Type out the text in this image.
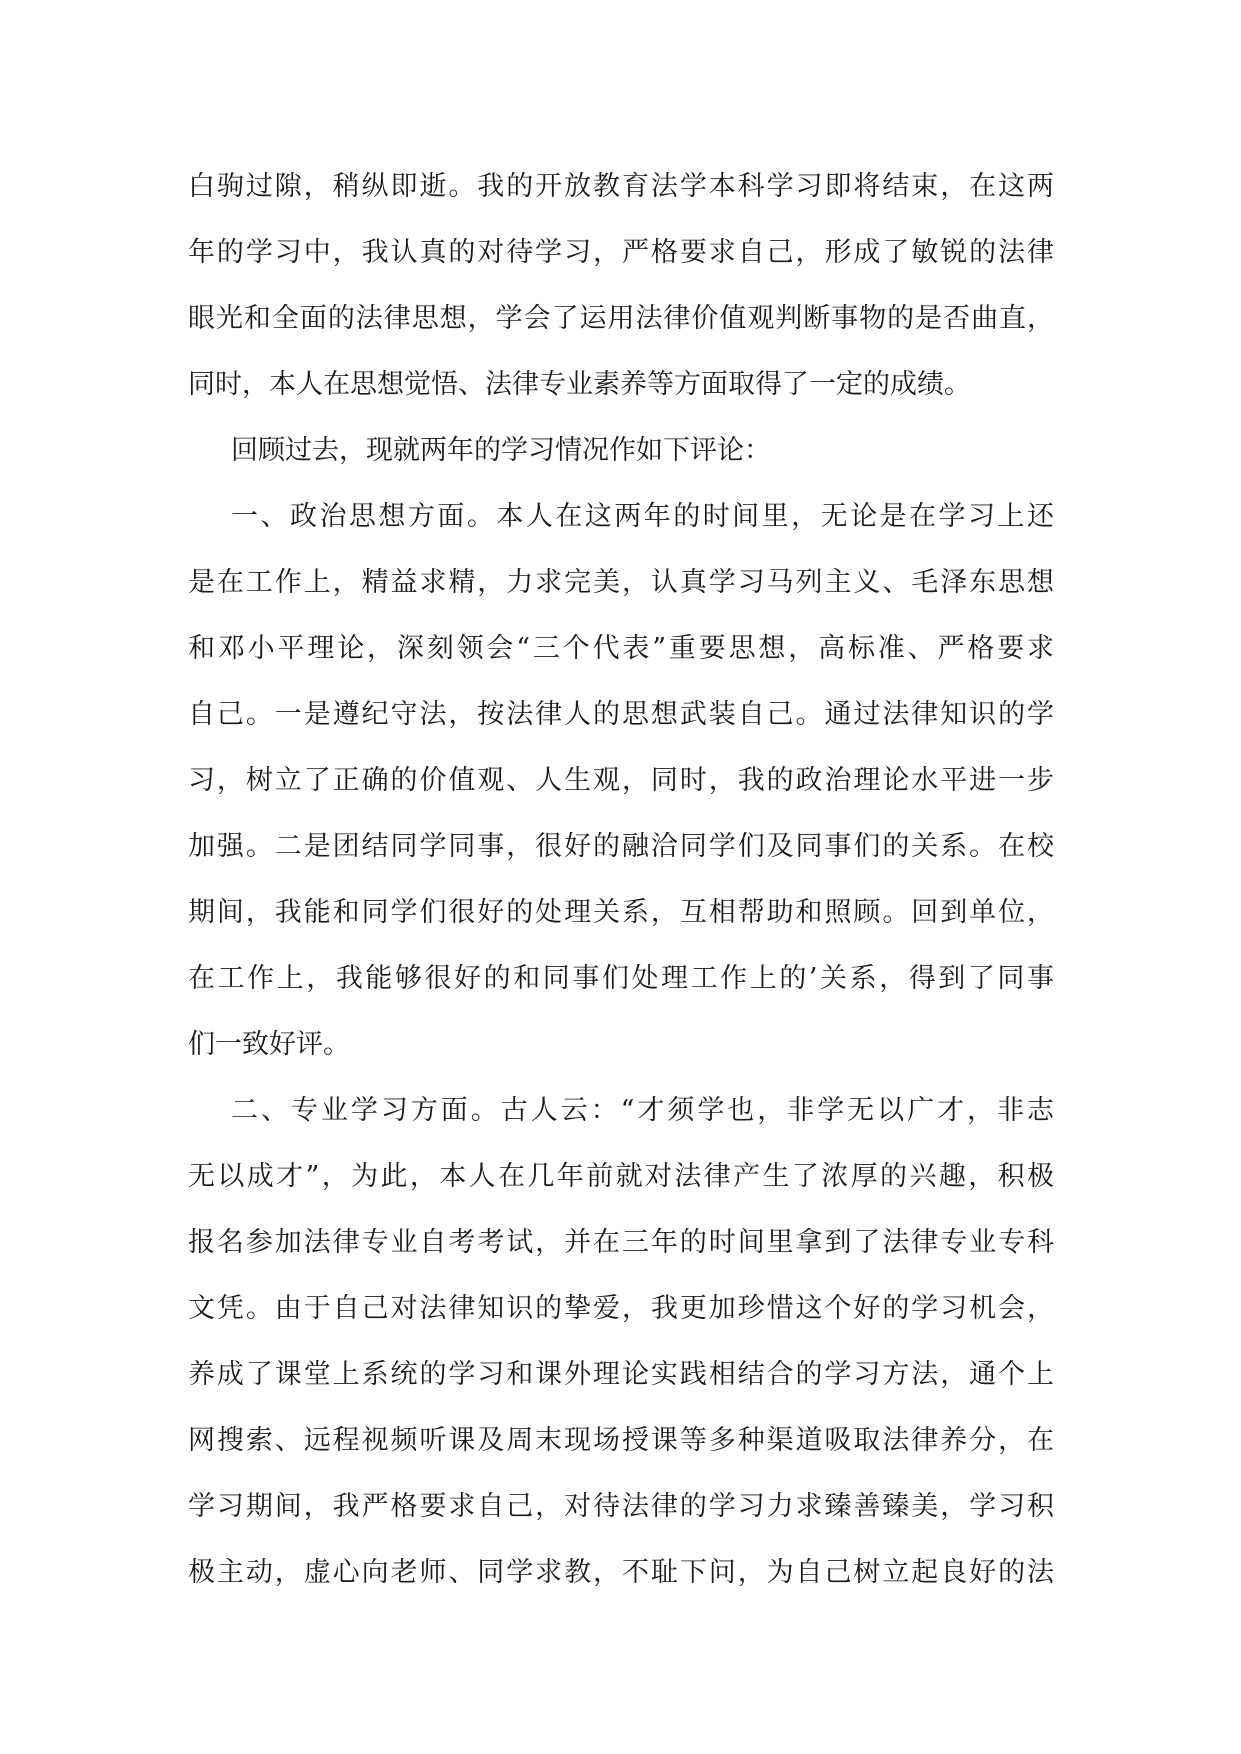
白驹过隙，稍纵即逝。我的开放教育法学本科学习即将结束，在这两
年的学习中，我认真的对待学习，严格要求自己，形成了敏锐的法律
眼光和全面的法律思想，学会了运用法律价值观判断事物的是否曲直，
同时，本人在思想觉悟、法律专业素养等方面取得了一定的成绩。
回顾过去，现就两年的学习情况作如下评论：
一、政治思想方面。本人在这两年的时间里，无论是在学习上还
是在工作上，精益求精，力求完美，认真学习马列主义、毛泽东思想
和邓小平理论，深刻领会“三个代表”重要思想，高标准、严格要求
自己。一是遵纪守法，按法律人的思想武装自己。通过法律知识的学
习，树立了正确的价值观、人生观，同时，我的政治理论水平进一步
加强。二是团结同学同事，很好的融洽同学们及同事们的关系。在校
期间，我能和同学们很好的处理关系，互相帮助和照顾。回到单位，
在工作上，我能够很好的和同事们处理工作上的’关系，得到了同事
们一致好评。
二、专业学习方面。古人云：“才须学也，非学无以广才，非志
无以成才”，为此，本人在几年前就对法律产生了浓厚的兴趣，积极
报名参加法律专业自考考试，并在三年的时间里拿到了法律专业专科
文凭。由于自己对法律知识的挚爱，我更加珍惜这个好的学习机会，
养成了课堂上系统的学习和课外理论实践相结合的学习方法，通个上
网搜索、远程视频听课及周末现场授课等多种渠道吸取法律养分，在
学习期间，我严格要求自己，对待法律的学习力求臻善臻美，学习积
极主动，虚心向老师、同学求教，不耻下问，为自己树立起良好的法
